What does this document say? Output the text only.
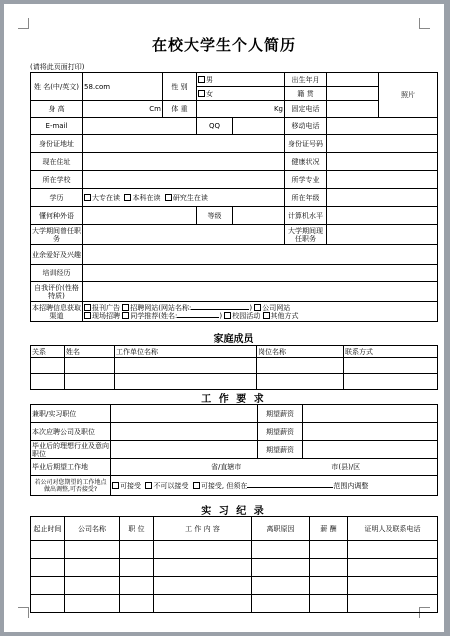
在校大学生个人简历
(请将此页面打印)
姓 名(中/英文)	58.com	性 别	男		出生年月		照片
			女		籍 贯		
身 高	Cm	体 重	Kg		固定电话		
E-mail			QQ		移动电话		
身份证地址					身份证号码		
现在住址					健康状况		
所在学校					所学专业		
学历	大专在读 本科在读 研究生在读				所在年级		
懂何种外语			等级		计算机水平		
大学期间曾任职务					大学期间现任职务		
业余爱好及兴趣							
培训经历							
自我评价(性格特质)							
本招聘信息获取渠道	报刊广告 招聘网站(网站名称: ) 公司网站
现场招聘 同学推荐(姓名: ) 校园活动 其他方式						
家庭成员
关系	姓名	工作单位名称	岗位名称	联系方式

工 作 要 求
兼职/实习职位		期望薪资	
本次应聘公司及职位		期望薪资	
毕业后的理想行业及意向职位		期望薪资	
毕业后期望工作地	省/直辖市 市(县)/区		
若公司对您期望的工作地点做出调整,可否接受?	可接受 不可以接受 可接受, 但须在 范围内调整		
实 习 纪 录
起止时间	公司名称	职 位	工 作 内 容	离职原因	薪 酬	证明人及联系电话
